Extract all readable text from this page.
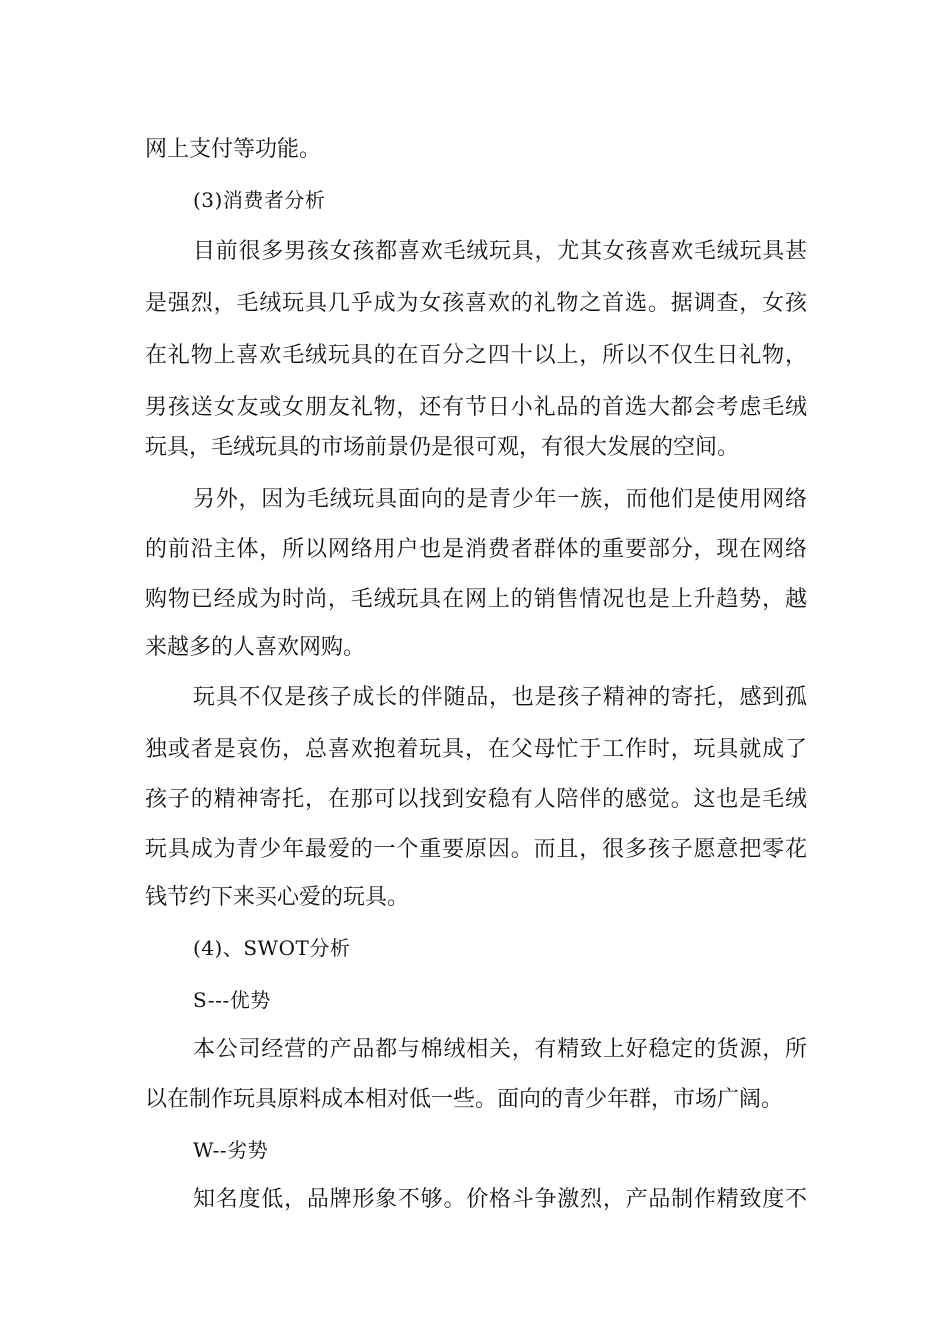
网上支付等功能。
(3)消费者分析
目前很多男孩女孩都喜欢毛绒玩具，尤其女孩喜欢毛绒玩具甚
是强烈，毛绒玩具几乎成为女孩喜欢的礼物之首选。据调查，女孩
在礼物上喜欢毛绒玩具的在百分之四十以上，所以不仅生日礼物，
男孩送女友或女朋友礼物，还有节日小礼品的首选大都会考虑毛绒
玩具，毛绒玩具的市场前景仍是很可观，有很大发展的空间。
另外，因为毛绒玩具面向的是青少年一族，而他们是使用网络
的前沿主体，所以网络用户也是消费者群体的重要部分，现在网络
购物已经成为时尚，毛绒玩具在网上的销售情况也是上升趋势，越
来越多的人喜欢网购。
玩具不仅是孩子成长的伴随品，也是孩子精神的寄托，感到孤
独或者是哀伤，总喜欢抱着玩具，在父母忙于工作时，玩具就成了
孩子的精神寄托，在那可以找到安稳有人陪伴的感觉。这也是毛绒
玩具成为青少年最爱的一个重要原因。而且，很多孩子愿意把零花
钱节约下来买心爱的玩具。
(4)、SWOT分析
S---优势
本公司经营的产品都与棉绒相关，有精致上好稳定的货源，所
以在制作玩具原料成本相对低一些。面向的青少年群，市场广阔。
W--劣势
知名度低，品牌形象不够。价格斗争激烈，产品制作精致度不
